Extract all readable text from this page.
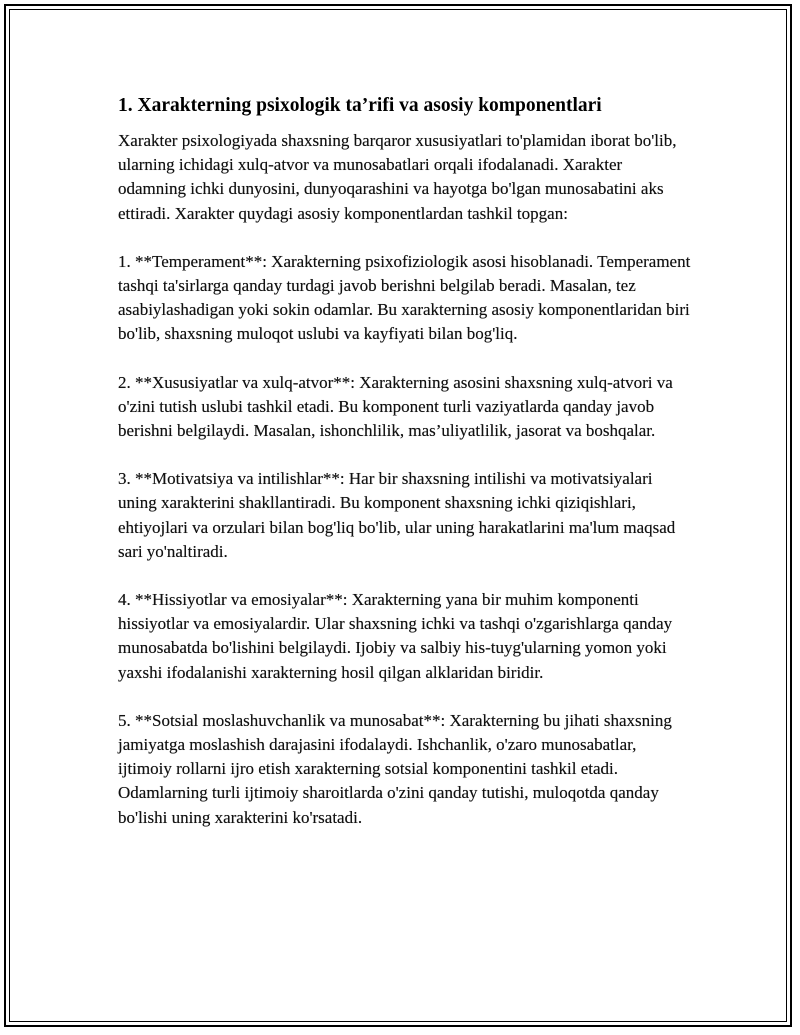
1. Xarakterning psixologik ta’rifi va asosiy komponentlari

Xarakter psixologiyada shaxsning barqaror xususiyatlari to'plamidan iborat bo'lib, ularning ichidagi xulq-atvor va munosabatlari orqali ifodalanadi. Xarakter odamning ichki dunyosini, dunyoqarashini va hayotga bo'lgan munosabatini aks ettiradi. Xarakter quydagi asosiy komponentlardan tashkil topgan:

1. **Temperament**: Xarakterning psixofiziologik asosi hisoblanadi. Temperament tashqi ta'sirlarga qanday turdagi javob berishni belgilab beradi. Masalan, tez asabiylashadigan yoki sokin odamlar. Bu xarakterning asosiy komponentlaridan biri bo'lib, shaxsning muloqot uslubi va kayfiyati bilan bog'liq.

2. **Xususiyatlar va xulq-atvor**: Xarakterning asosini shaxsning xulq-atvori va o'zini tutish uslubi tashkil etadi. Bu komponent turli vaziyatlarda qanday javob berishni belgilaydi. Masalan, ishonchlilik, mas’uliyatlilik, jasorat va boshqalar.

3. **Motivatsiya va intilishlar**: Har bir shaxsning intilishi va motivatsiyalari uning xarakterini shakllantiradi. Bu komponent shaxsning ichki qiziqishlari, ehtiyojlari va orzulari bilan bog'liq bo'lib, ular uning harakatlarini ma'lum maqsad sari yo'naltiradi.

4. **Hissiyotlar va emosiyalar**: Xarakterning yana bir muhim komponenti hissiyotlar va emosiyalardir. Ular shaxsning ichki va tashqi o'zgarishlarga qanday munosabatda bo'lishini belgilaydi. Ijobiy va salbiy his-tuyg'ularning yomon yoki yaxshi ifodalanishi xarakterning hosil qilgan alklaridan biridir.

5. **Sotsial moslashuvchanlik va munosabat**: Xarakterning bu jihati shaxsning jamiyatga moslashish darajasini ifodalaydi. Ishchanlik, o'zaro munosabatlar, ijtimoiy rollarni ijro etish xarakterning sotsial komponentini tashkil etadi. Odamlarning turli ijtimoiy sharoitlarda o'zini qanday tutishi, muloqotda qanday bo'lishi uning xarakterini ko'rsatadi.
